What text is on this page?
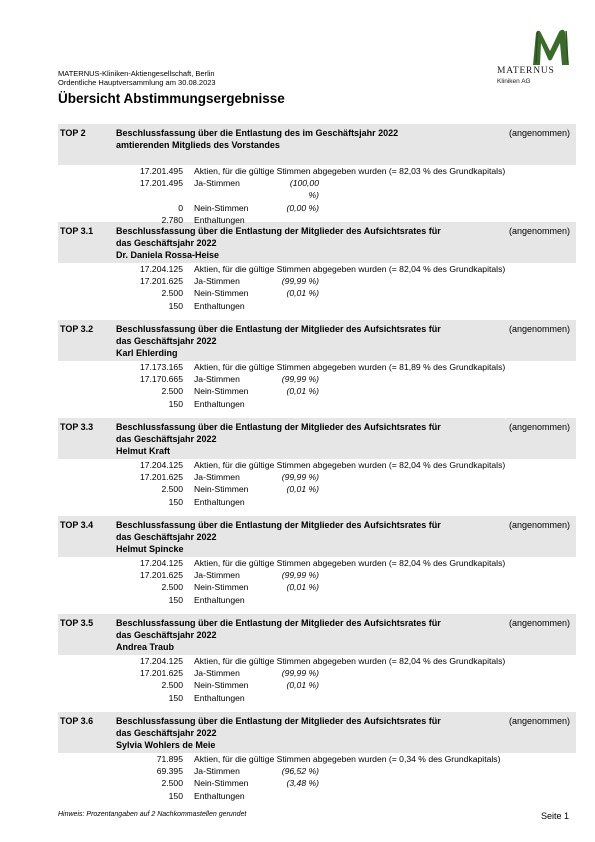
MATERNUS-Kliniken-Aktiengesellschaft, Berlin
Ordentliche Hauptversammlung am 30.08.2023
MATERNUS
Kliniken AG
Übersicht Abstimmungsergebnisse
TOP 2	Beschlussfassung über die Entlastung des im Geschäftsjahr 2022
amtierenden Mitglieds des Vorstandes
(angenommen)
17.201.495	Aktien, für die gültige Stimmen abgegeben wurden (= 82,03 % des Grundkapitals)
17.201.495	Ja-Stimmen	(100,00 %)
0	Nein-Stimmen	(0,00 %)
2.780	Enthaltungen
TOP 3.1	Beschlussfassung über die Entlastung der Mitglieder des Aufsichtsrates für
das Geschäftsjahr 2022
Dr. Daniela Rossa-Heise
(angenommen)
17.204.125	Aktien, für die gültige Stimmen abgegeben wurden (= 82,04 % des Grundkapitals)
17.201.625	Ja-Stimmen	(99,99 %)
2.500	Nein-Stimmen	(0,01 %)
150	Enthaltungen
TOP 3.2	Beschlussfassung über die Entlastung der Mitglieder des Aufsichtsrates für
das Geschäftsjahr 2022
Karl Ehlerding
(angenommen)
17.173.165	Aktien, für die gültige Stimmen abgegeben wurden (= 81,89 % des Grundkapitals)
17.170.665	Ja-Stimmen	(99,99 %)
2.500	Nein-Stimmen	(0,01 %)
150	Enthaltungen
TOP 3.3	Beschlussfassung über die Entlastung der Mitglieder des Aufsichtsrates für
das Geschäftsjahr 2022
Helmut Kraft
(angenommen)
17.204.125	Aktien, für die gültige Stimmen abgegeben wurden (= 82,04 % des Grundkapitals)
17.201.625	Ja-Stimmen	(99,99 %)
2.500	Nein-Stimmen	(0,01 %)
150	Enthaltungen
TOP 3.4	Beschlussfassung über die Entlastung der Mitglieder des Aufsichtsrates für
das Geschäftsjahr 2022
Helmut Spincke
(angenommen)
17.204.125	Aktien, für die gültige Stimmen abgegeben wurden (= 82,04 % des Grundkapitals)
17.201.625	Ja-Stimmen	(99,99 %)
2.500	Nein-Stimmen	(0,01 %)
150	Enthaltungen
TOP 3.5	Beschlussfassung über die Entlastung der Mitglieder des Aufsichtsrates für
das Geschäftsjahr 2022
Andrea Traub
(angenommen)
17.204.125	Aktien, für die gültige Stimmen abgegeben wurden (= 82,04 % des Grundkapitals)
17.201.625	Ja-Stimmen	(99,99 %)
2.500	Nein-Stimmen	(0,01 %)
150	Enthaltungen
TOP 3.6	Beschlussfassung über die Entlastung der Mitglieder des Aufsichtsrates für
das Geschäftsjahr 2022
Sylvia Wohlers de Meie
(angenommen)
71.895	Aktien, für die gültige Stimmen abgegeben wurden (= 0,34 % des Grundkapitals)
69.395	Ja-Stimmen	(96,52 %)
2.500	Nein-Stimmen	(3,48 %)
150	Enthaltungen
Hinweis: Prozentangaben auf 2 Nachkommastellen gerundet	Seite 1
